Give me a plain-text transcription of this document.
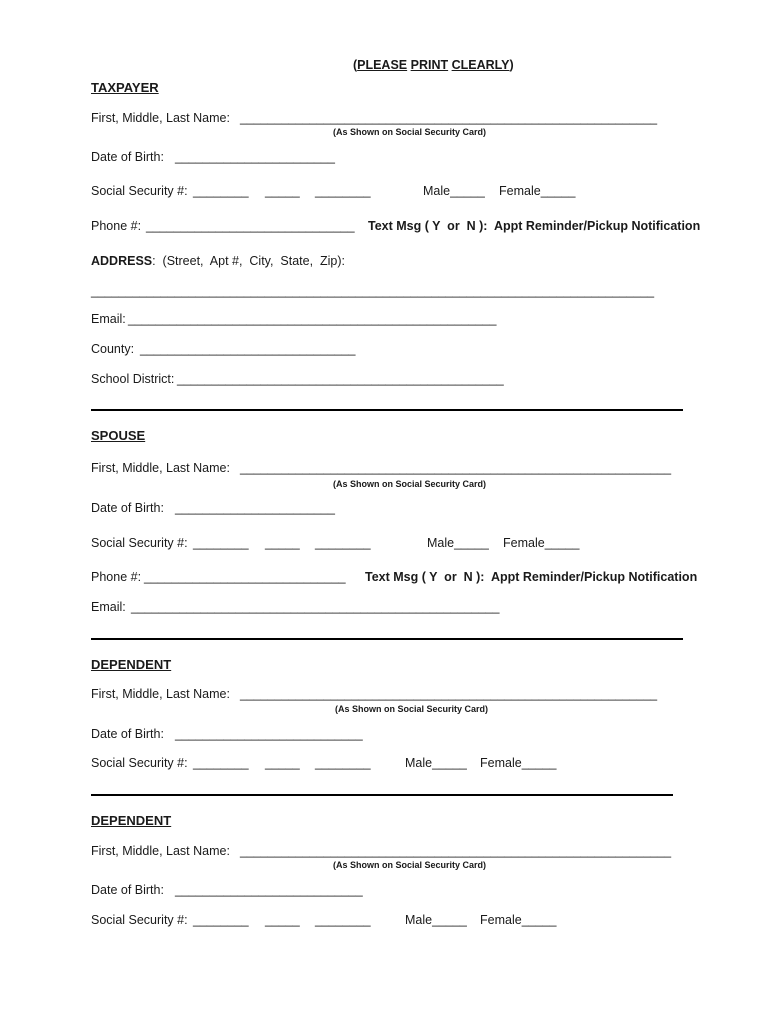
(PLEASE PRINT CLEARLY)

TAXPAYER
First, Middle, Last Name: ____________________________________________________________
(As Shown on Social Security Card)
Date of Birth: _______________________
Social Security #: ________ _____ ________	Male_____ Female_____
Phone #: ______________________________ Text Msg ( Y  or  N ):  Appt Reminder/Pickup Notification
ADDRESS:  (Street,  Apt #,  City,  State,  Zip):
_________________________________________________________________________________
Email: _____________________________________________________
County: _______________________________
School District: _______________________________________________
SPOUSE
First, Middle, Last Name: ______________________________________________________________
(As Shown on Social Security Card)
Date of Birth: _______________________
Social Security #: ________ _____ ________	Male_____ Female_____
Phone #: _____________________________ Text Msg ( Y  or  N ):  Appt Reminder/Pickup Notification
Email: _____________________________________________________
DEPENDENT
First, Middle, Last Name: ____________________________________________________________
(As Shown on Social Security Card)
Date of Birth: ___________________________
Social Security #: ________ _____ ________	Male_____ Female_____
DEPENDENT
First, Middle, Last Name: ______________________________________________________________
(As Shown on Social Security Card)
Date of Birth: ___________________________
Social Security #: ________ _____ ________	Male_____ Female_____
